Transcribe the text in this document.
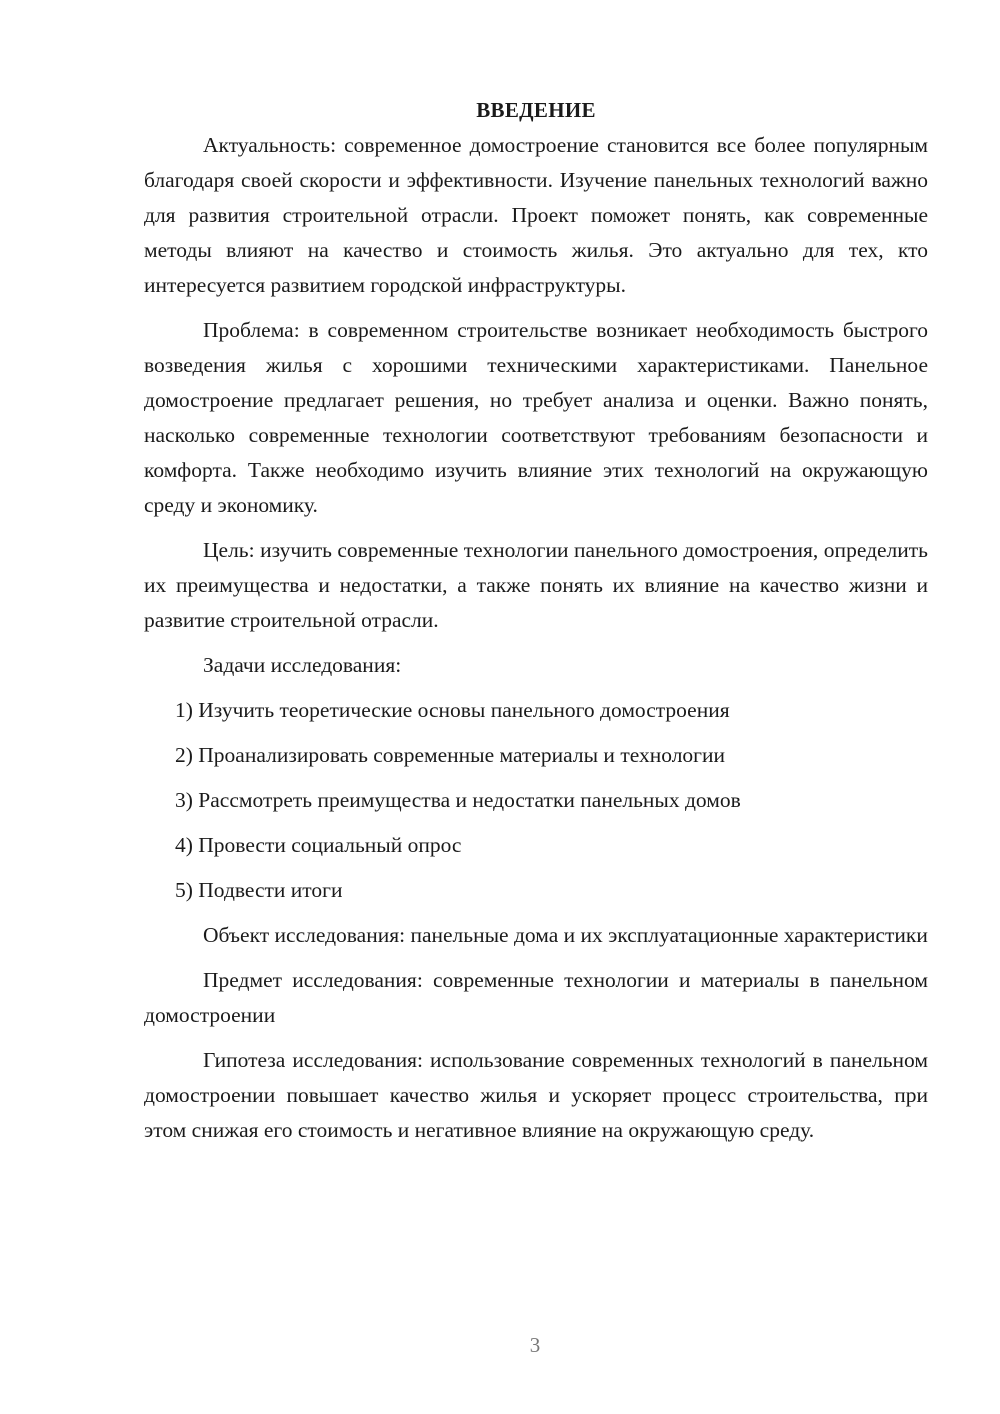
ВВЕДЕНИЕ

Актуальность: современное домостроение становится все более популярным благодаря своей скорости и эффективности. Изучение панельных технологий важно для развития строительной отрасли. Проект поможет понять, как современные методы влияют на качество и стоимость жилья. Это актуально для тех, кто интересуется развитием городской инфраструктуры.

Проблема: в современном строительстве возникает необходимость быстрого возведения жилья с хорошими техническими характеристиками. Панельное домостроение предлагает решения, но требует анализа и оценки. Важно понять, насколько современные технологии соответствуют требованиям безопасности и комфорта. Также необходимо изучить влияние этих технологий на окружающую среду и экономику.

Цель: изучить современные технологии панельного домостроения, определить их преимущества и недостатки, а также понять их влияние на качество жизни и развитие строительной отрасли.

Задачи исследования:

1) Изучить теоретические основы панельного домостроения
2) Проанализировать современные материалы и технологии
3) Рассмотреть преимущества и недостатки панельных домов
4) Провести социальный опрос
5) Подвести итоги

Объект исследования: панельные дома и их эксплуатационные характеристики

Предмет исследования: современные технологии и материалы в панельном домостроении

Гипотеза исследования: использование современных технологий в панельном домостроении повышает качество жилья и ускоряет процесс строительства, при этом снижая его стоимость и негативное влияние на окружающую среду.

3
